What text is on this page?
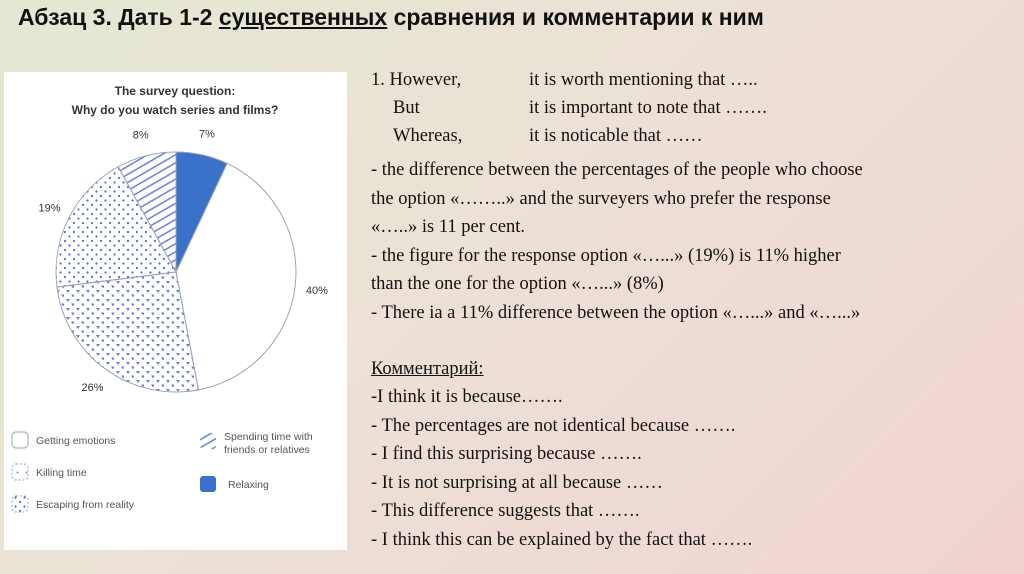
Абзац 3. Дать 1-2 существенных сравнения и комментарии к ним
The survey question:
Why do you watch series and films?
7%
40%
26%
19%
8%
Getting emotions
Killing time
Escaping from reality
Spending time with friends or relatives
Relaxing
1. However,	it is worth mentioning that …..
But	it is important to note that …….
Whereas,	it is noticable that ……
- the difference between the percentages of the people who choose
the option «……..» and the surveyers who prefer the response
«…..» is 11 per cent.
- the figure for the response option «…...» (19%) is 11% higher
than the one for the option «…...» (8%)
- There ia a 11% difference between the option «…...» and «…...»
Комментарий:
-I think it is because…….
- The percentages are not identical because …….
- I find this surprising because …….
- It is not surprising at all because ……
- This difference suggests that …….
- I think this can be explained by the fact that …….
